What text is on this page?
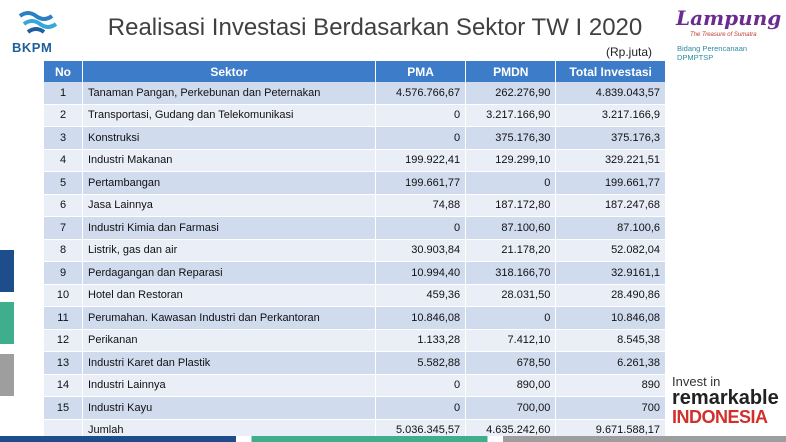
BKPM
Realisasi Investasi Berdasarkan Sektor TW I 2020
(Rp.juta)
Lampung
The Treasure of Sumatra
Bidang Perencanaan DPMPTSP
No	Sektor	PMA	PMDN	Total Investasi
1	Tanaman Pangan, Perkebunan dan Peternakan	4.576.766,67	262.276,90	4.839.043,57
2	Transportasi, Gudang dan Telekomunikasi	0	3.217.166,90	3.217.166,9
3	Konstruksi	0	375.176,30	375.176,3
4	Industri Makanan	199.922,41	129.299,10	329.221,51
5	Pertambangan	199.661,77	0	199.661,77
6	Jasa Lainnya	74,88	187.172,80	187.247,68
7	Industri Kimia dan Farmasi	0	87.100,60	87.100,6
8	Listrik, gas dan air	30.903,84	21.178,20	52.082,04
9	Perdagangan dan Reparasi	10.994,40	318.166,70	32.9161,1
10	Hotel dan Restoran	459,36	28.031,50	28.490,86
11	Perumahan. Kawasan Industri dan Perkantoran	10.846,08	0	10.846,08
12	Perikanan	1.133,28	7.412,10	8.545,38
13	Industri Karet dan Plastik	5.582,88	678,50	6.261,38
14	Industri Lainnya	0	890,00	890
15	Industri Kayu	0	700,00	700
	Jumlah	5.036.345,57	4.635.242,60	9.671.588,17
Invest in
remarkable
INDONESIA
